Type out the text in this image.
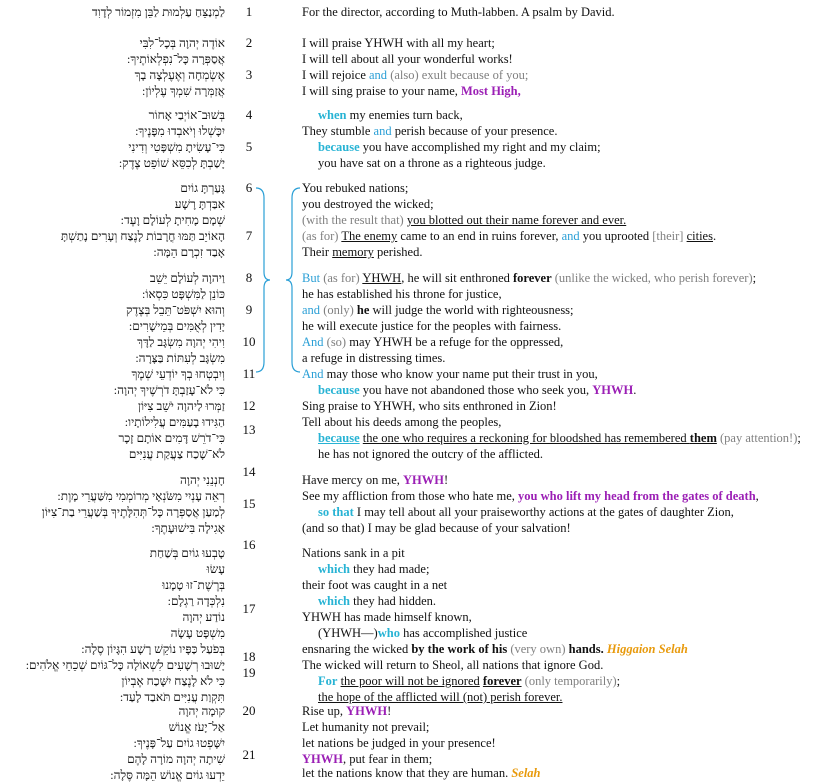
For the director, according to Muth-labben. A psalm by David.
I will praise YHWH with all my heart;
I will tell about all your wonderful works!
I will rejoice and (also) exult because of you;
I will sing praise to your name, Most High,
when my enemies turn back,
They stumble and perish because of your presence.
because you have accomplished my right and my claim;
you have sat on a throne as a righteous judge.
You rebuked nations;
you destroyed the wicked;
(with the result that) you blotted out their name forever and ever.
(as for) The enemy came to an end in ruins forever, and you uprooted [their] cities.
Their memory perished.
But (as for) YHWH, he will sit enthroned forever (unlike the wicked, who perish forever);
he has established his throne for justice,
and (only) he will judge the world with righteousness;
he will execute justice for the peoples with fairness.
And (so) may YHWH be a refuge for the oppressed,
a refuge in distressing times.
And may those who know your name put their trust in you,
because you have not abandoned those who seek you, YHWH.
Sing praise to YHWH, who sits enthroned in Zion!
Tell about his deeds among the peoples,
because the one who requires a reckoning for bloodshed has remembered them (pay attention!);
he has not ignored the outcry of the afflicted.
Have mercy on me, YHWH!
See my affliction from those who hate me, you who lift my head from the gates of death,
so that I may tell about all your praiseworthy actions at the gates of daughter Zion,
(and so that) I may be glad because of your salvation!
Nations sank in a pit
which they had made;
their foot was caught in a net
which they had hidden.
YHWH has made himself known,
(YHWH—)who has accomplished justice
ensnaring the wicked by the work of his (very own) hands. Higgaion Selah
The wicked will return to Sheol, all nations that ignore God.
For the poor will not be ignored forever (only temporarily);
the hope of the afflicted will (not) perish forever.
Rise up, YHWH!
Let humanity not prevail;
let nations be judged in your presence!
YHWH, put fear in them;
לַמְנַצֵּחַ עַלְמוּת לַבֵּן מִזְמוֹר לְדָוִד
אוֹדֶה יְהוָה בְּכָל־לִבִּי
אֲסַפְּרָה כָּל־נִפְלְאוֹתֶיךָ:
אֶשְׂמְחָה וְאֶעֶלְצָה בָךְ
אֲזַמְּרָה שִׁמְךָ עֶלְיוֹן:
בְּשׁוּב־אוֹיְבַי אָחוֹר
יִכָּשְׁלוּ וְיֹאבְדוּ מִפָּנֶיךָ:
כִּי־עָשִׂיתָ מִשְׁפָּטִי וְדִינִי
יָשַׁבְתָּ לְכִסֵּא שׁוֹפֵט צֶדֶק:
גָּעַרְתָּ גוֹיִם
אִבַּדְתָּ רָשָׁע
שְׁמָם מָחִיתָ לְעוֹלָם וָעֶד:
הָאוֹיֵב תַּמּוּ חֳרָבוֹת לָנֶצַח וְעָרִים נָתַשְׁתָּ
אָבַד זִכְרָם הֵמָּה:
וַיהוָה לְעוֹלָם יֵשֵׁב
כּוֹנֵן לַמִּשְׁפָּט כִּסְאוֹ:
וְהוּא יִשְׁפֹּט־תֵּבֵל בְּצֶדֶק
יָדִין לְאֻמִּים בְּמֵישָׁרִים:
וִיהִי יְהוָה מִשְׂגָּב לַדָּךְ
מִשְׂגָּב לְעִתּוֹת בַּצָּרָה:
וְיִבְטְחוּ בְךָ יוֹדְעֵי שְׁמֶךָ
כִּי לֹא־עָזַבְתָּ דֹרְשֶׁיךָ יְהוָה:
זַמְּרוּ לַיהוָה יֹשֵׁב צִיּוֹן
הַגִּידוּ בָעַמִּים עֲלִילוֹתָיו:
כִּי־דֹרֵשׁ דָּמִים אוֹתָם זָכָר
לֹא־שָׁכַח צַעֲקַת עֲנִיִּים
חָנְנֵנִי יְהוָה
רְאֵה עָנְיִי מִשֹּׂנְאָי מְרוֹמְמִי מִשַּׁעֲרֵי מָוֶת:
לְמַעַן אֲסַפְּרָה כָּל־תְּהִלָּתֶיךָ בְּשַׁעֲרֵי בַת־צִיּוֹן
אָגִילָה בִּישׁוּעָתֶךָ:
טָבְעוּ גוֹיִם בְּשַׁחַת
עָשׂוּ
בְּרֶשֶׁת־זוּ טָמָנוּ
נִלְכְּדָה רַגְלָם:
נוֹדַע יְהוָה
מִשְׁפָּט עָשָׂה
בְּפֹעַל כַּפָּיו נוֹקֵשׁ רָשָׁע הִגָּיוֹן סֶלָה:
יָשׁוּבוּ רְשָׁעִים לִשְׁאוֹלָה כָּל־גּוֹיִם שְׁכֵחֵי אֱלֹהִים:
כִּי לֹא לָנֶצַח יִשָּׁכַח אֶבְיוֹן
תִּקְוַת עֲנִיִּים תֹּאבַד לָעַד:
קוּמָה יְהוָה
אַל־יָעֹז אֱנוֹשׁ
יִשָּׁפְטוּ גוֹיִם עַל־פָּנֶיךָ:
שִׁיתָה יְהוָה מוֹרָה לָהֶם
יֵדְעוּ גוֹיִם אֱנוֹשׁ הֵמָּה סֶּלָה:
1
2
3
4
5
6
7
8
9
10
11
12
13
14
15
16
17
18
19
20
21
let the nations know that they are human. Selah
